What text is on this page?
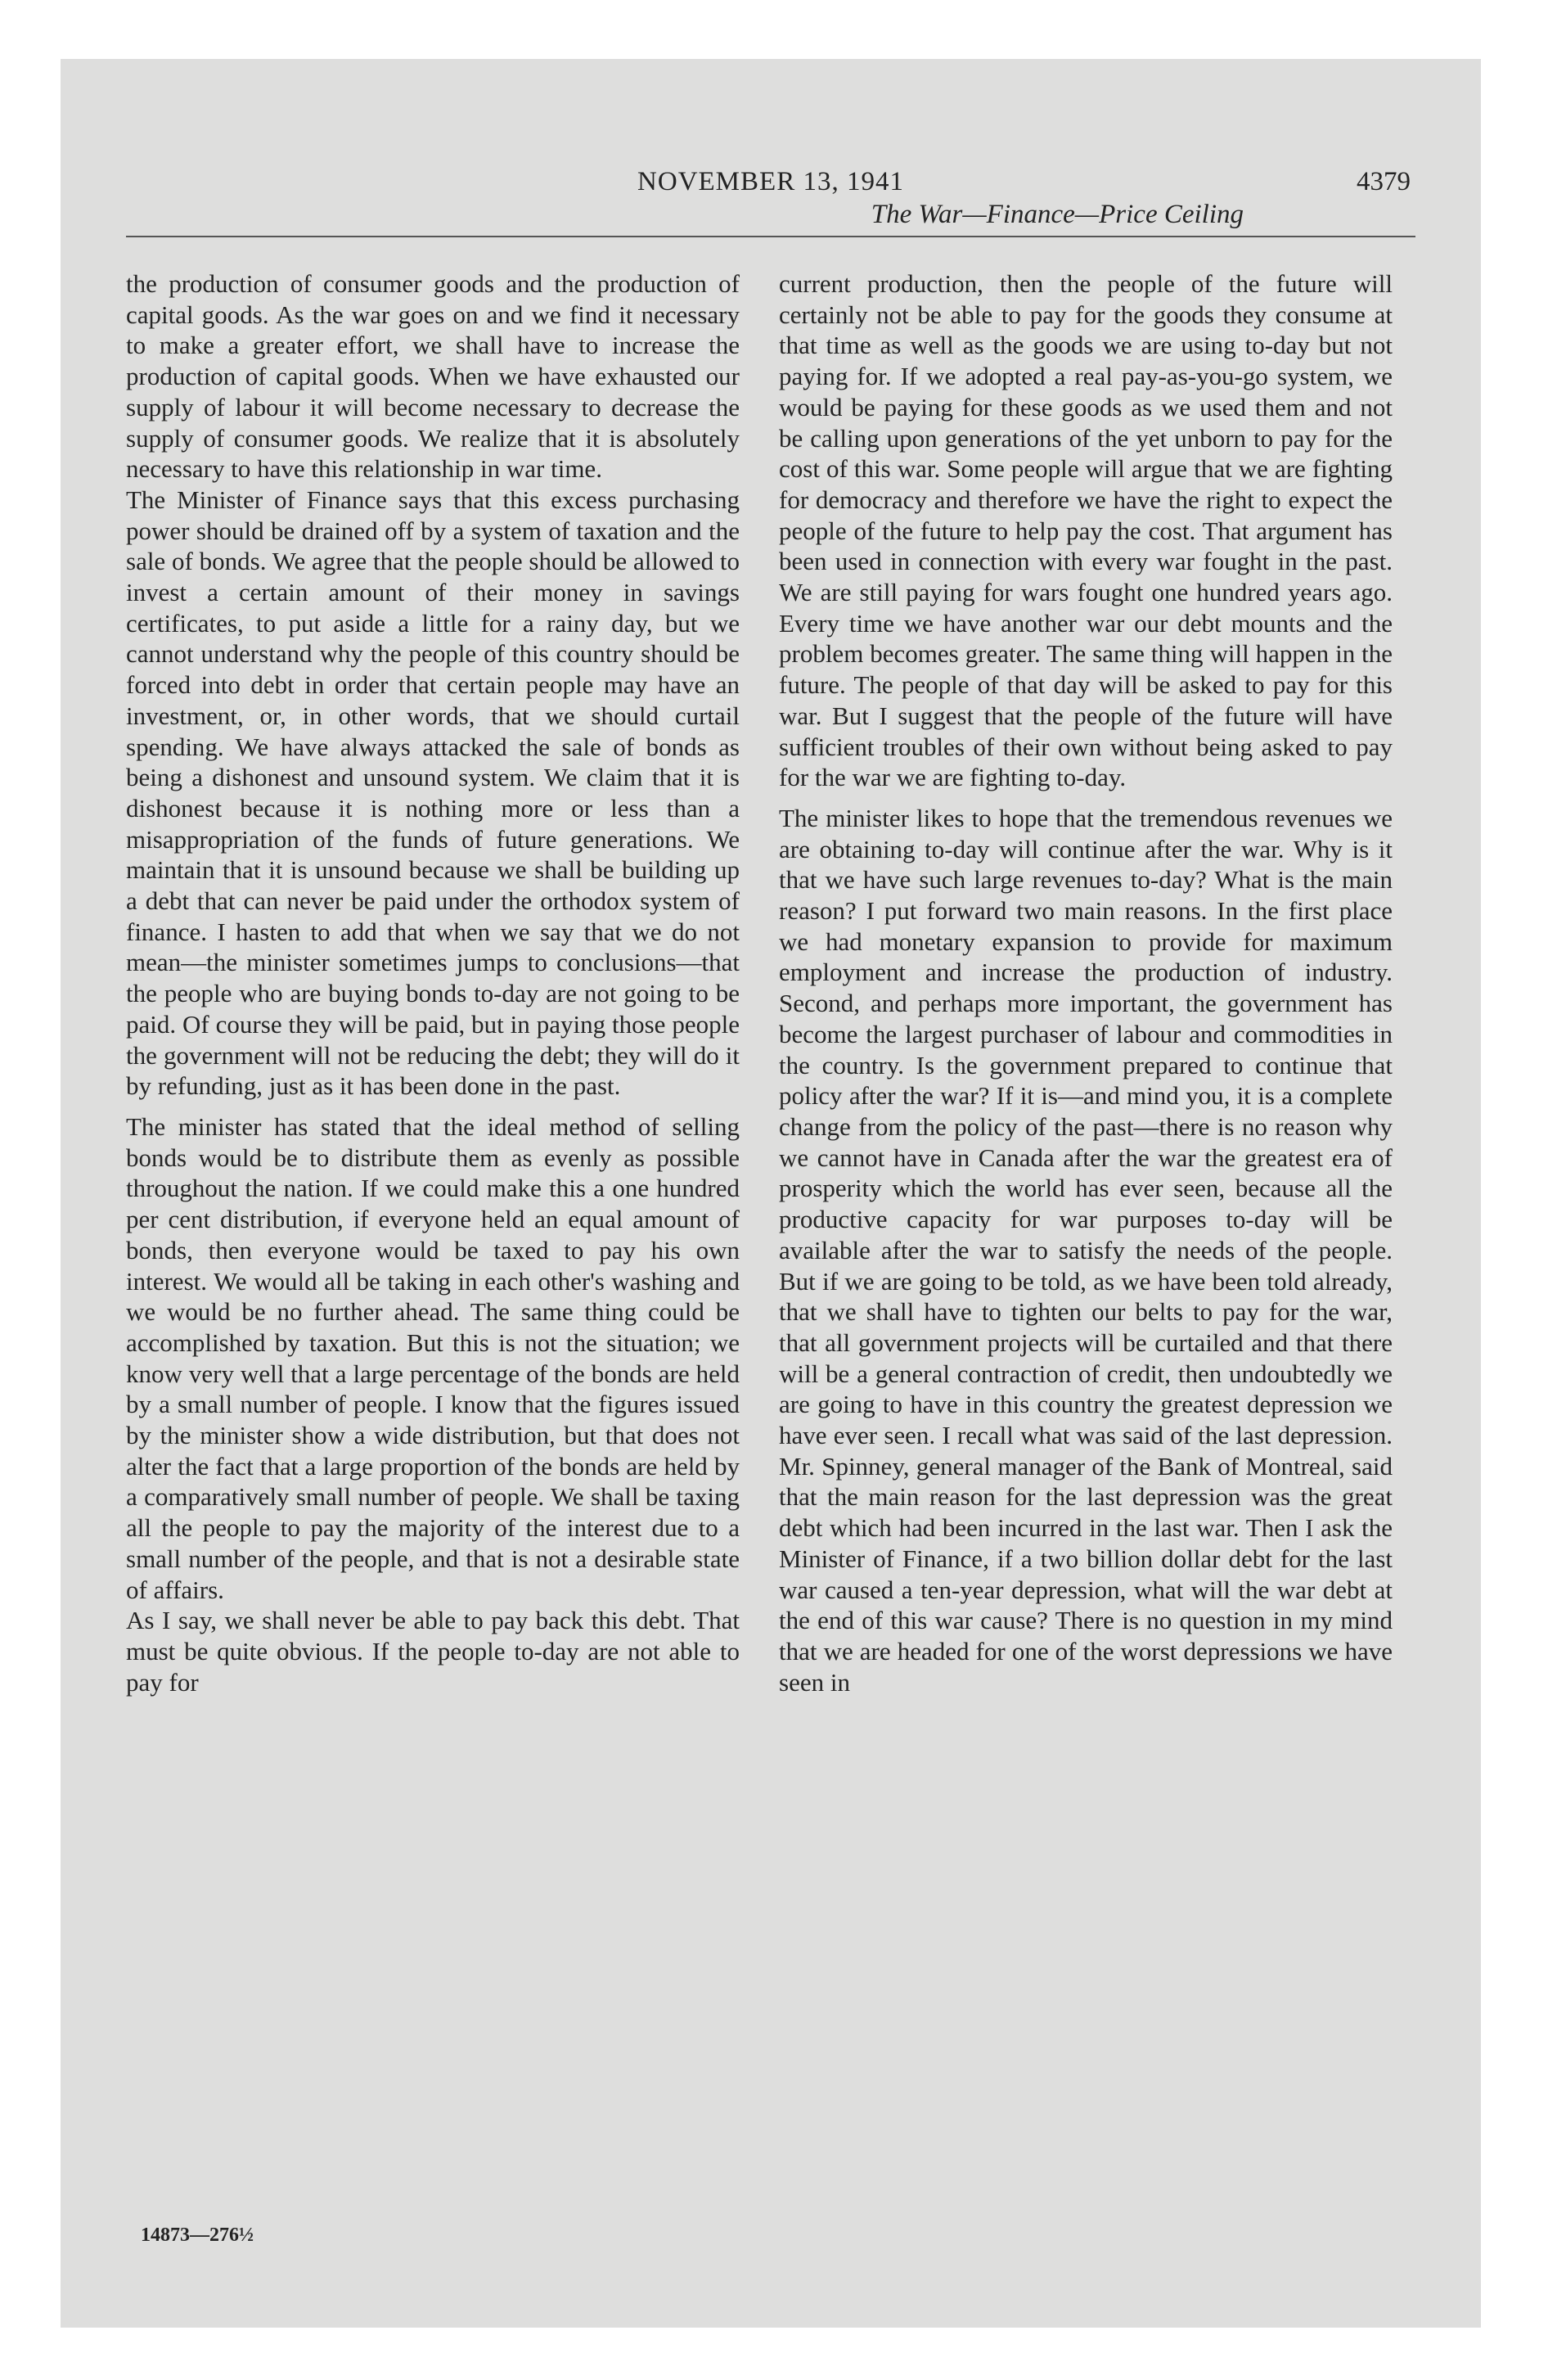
NOVEMBER 13, 1941	4379
The War—Finance—Price Ceiling

the production of consumer goods and the production of capital goods. As the war goes on and we find it necessary to make a greater effort, we shall have to increase the production of capital goods. When we have exhausted our supply of labour it will become necessary to decrease the supply of consumer goods. We realize that it is absolutely necessary to have this relationship in war time.

The Minister of Finance says that this excess purchasing power should be drained off by a system of taxation and the sale of bonds. We agree that the people should be allowed to invest a certain amount of their money in savings certificates, to put aside a little for a rainy day, but we cannot understand why the people of this country should be forced into debt in order that certain people may have an investment, or, in other words, that we should curtail spending. We have always attacked the sale of bonds as being a dishonest and unsound system. We claim that it is dishonest because it is nothing more or less than a misappropriation of the funds of future generations. We maintain that it is unsound because we shall be building up a debt that can never be paid under the orthodox system of finance. I hasten to add that when we say that we do not mean—the minister sometimes jumps to conclusions—that the people who are buying bonds to-day are not going to be paid. Of course they will be paid, but in paying those people the government will not be reducing the debt; they will do it by refunding, just as it has been done in the past.

The minister has stated that the ideal method of selling bonds would be to distribute them as evenly as possible throughout the nation. If we could make this a one hundred per cent distribution, if everyone held an equal amount of bonds, then everyone would be taxed to pay his own interest. We would all be taking in each other's washing and we would be no further ahead. The same thing could be accomplished by taxation. But this is not the situation; we know very well that a large percentage of the bonds are held by a small number of people. I know that the figures issued by the minister show a wide distribution, but that does not alter the fact that a large proportion of the bonds are held by a comparatively small number of people. We shall be taxing all the people to pay the majority of the interest due to a small number of the people, and that is not a desirable state of affairs.

As I say, we shall never be able to pay back this debt. That must be quite obvious. If the people to-day are not able to pay for

current production, then the people of the future will certainly not be able to pay for the goods they consume at that time as well as the goods we are using to-day but not paying for. If we adopted a real pay-as-you-go system, we would be paying for these goods as we used them and not be calling upon generations of the yet unborn to pay for the cost of this war. Some people will argue that we are fighting for democracy and therefore we have the right to expect the people of the future to help pay the cost. That argument has been used in connection with every war fought in the past. We are still paying for wars fought one hundred years ago. Every time we have another war our debt mounts and the problem becomes greater. The same thing will happen in the future. The people of that day will be asked to pay for this war. But I suggest that the people of the future will have sufficient troubles of their own without being asked to pay for the war we are fighting to-day.

The minister likes to hope that the tremendous revenues we are obtaining to-day will continue after the war. Why is it that we have such large revenues to-day? What is the main reason? I put forward two main reasons. In the first place we had monetary expansion to provide for maximum employment and increase the production of industry. Second, and perhaps more important, the government has become the largest purchaser of labour and commodities in the country. Is the government prepared to continue that policy after the war? If it is—and mind you, it is a complete change from the policy of the past—there is no reason why we cannot have in Canada after the war the greatest era of prosperity which the world has ever seen, because all the productive capacity for war purposes to-day will be available after the war to satisfy the needs of the people. But if we are going to be told, as we have been told already, that we shall have to tighten our belts to pay for the war, that all government projects will be curtailed and that there will be a general contraction of credit, then undoubtedly we are going to have in this country the greatest depression we have ever seen. I recall what was said of the last depression. Mr. Spinney, general manager of the Bank of Montreal, said that the main reason for the last depression was the great debt which had been incurred in the last war. Then I ask the Minister of Finance, if a two billion dollar debt for the last war caused a ten-year depression, what will the war debt at the end of this war cause? There is no question in my mind that we are headed for one of the worst depressions we have seen in

14873—276½
